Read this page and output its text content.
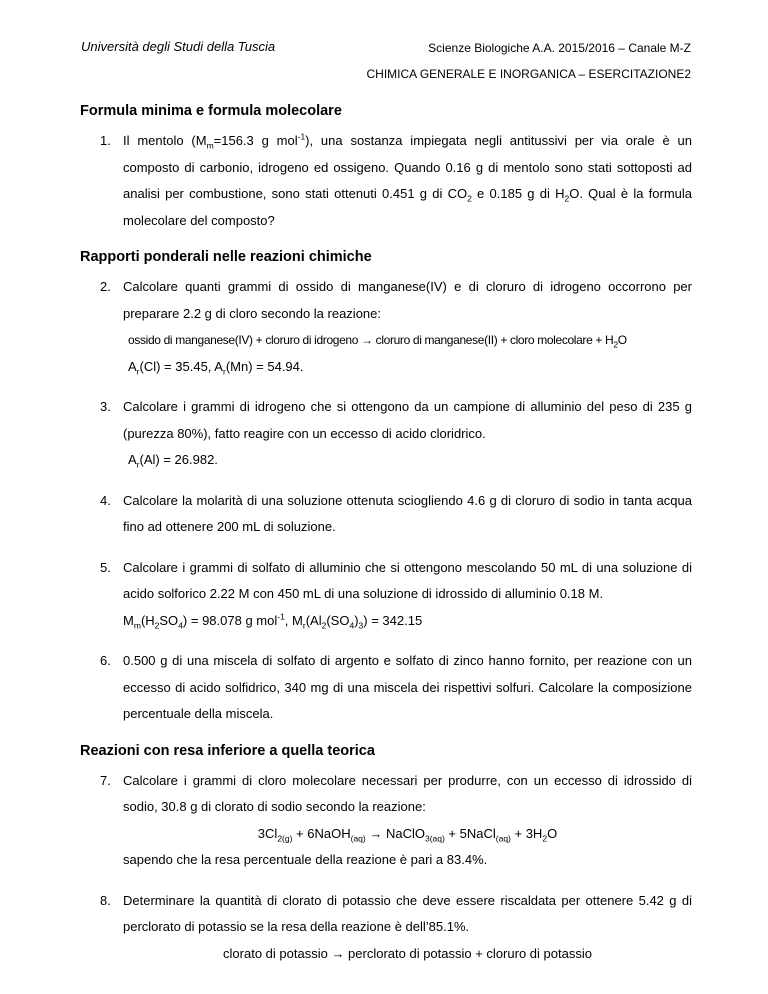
Università degli Studi della Tuscia	Scienze Biologiche A.A. 2015/2016 – Canale M-Z
CHIMICA GENERALE E INORGANICA – ESERCITAZIONE2
Formula minima e formula molecolare
1. Il mentolo ($M_m=156.3$ g mol$^{-1}$), una sostanza impiegata negli antitussivi per via orale è un composto di carbonio, idrogeno ed ossigeno. Quando 0.16 g di mentolo sono stati sottoposti ad analisi per combustione, sono stati ottenuti 0.451 g di $CO_2$ e 0.185 g di $H_2O$. Qual è la formula molecolare del composto?

Rapporti ponderali nelle reazioni chimiche
2. Calcolare quanti grammi di ossido di manganese(IV) e di cloruro di idrogeno occorrono per preparare 2.2 g di cloro secondo la reazione:

ossido di manganese(IV) + cloruro di idrogeno → cloruro di manganese(II) + cloro molecolare + $H_2O$

$A_r(Cl) = 35.45$, $A_r(Mn) = 54.94$.

3. Calcolare i grammi di idrogeno che si ottengono da un campione di alluminio del peso di 235 g (purezza 80%), fatto reagire con un eccesso di acido cloridrico.

$A_r(Al) = 26.982$.

4. Calcolare la molarità di una soluzione ottenuta sciogliendo 4.6 g di cloruro di sodio in tanta acqua fino ad ottenere 200 mL di soluzione.

5. Calcolare i grammi di solfato di alluminio che si ottengono mescolando 50 mL di una soluzione di acido solforico 2.22 M con 450 mL di una soluzione di idrossido di alluminio 0.18 M.

$M_m(H_2SO_4) = 98.078$ g mol$^{-1}$, $M_r(Al_2(SO_4)_3) = 342.15$

6. 0.500 g di una miscela di solfato di argento e solfato di zinco hanno fornito, per reazione con un eccesso di acido solfidrico, 340 mg di una miscela dei rispettivi solfuri. Calcolare la composizione percentuale della miscela.

Reazioni con resa inferiore a quella teorica
7. Calcolare i grammi di cloro molecolare necessari per produrre, con un eccesso di idrossido di sodio, 30.8 g di clorato di sodio secondo la reazione:

$3Cl_{2(g)}$ + 6NaOH$_{(aq)}$ → NaClO$_{3(aq)}$ + 5NaCl$_{(aq)}$ + $3H_2O$

sapendo che la resa percentuale della reazione è pari a 83.4%.

8. Determinare la quantità di clorato di potassio che deve essere riscaldata per ottenere 5.42 g di perclorato di potassio se la resa della reazione è dell’85.1%.

clorato di potassio → perclorato di potassio + cloruro di potassio
